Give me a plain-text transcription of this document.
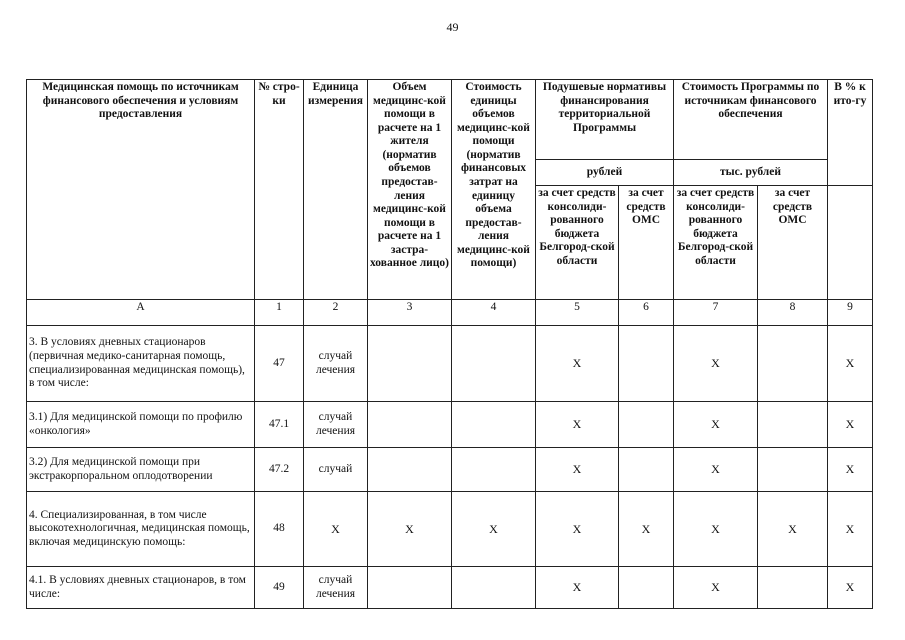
49
Медицинская помощь по источникам финансового обеспечения и условиям предоставления	№ стро-ки	Единица измерения	Объем медицинс-кой помощи в расчете на 1 жителя (норматив объемов предостав-ления медицинс-кой помощи в расчете на 1 застра-хованное лицо)	Стоимость единицы объемов медицинс-кой помощи (норматив финансовых затрат на единицу объема предостав-ления медицинс-кой помощи)	Подушевые нормативы финансирования территориальной Программы		Стоимость Программы по источникам финансового обеспечения		В % к ито-гу
					рублей		тыс. рублей		
					за счет средств консолиди-рованного бюджета Белгород-ской области	за счет средств ОМС	за счет средств консолиди-рованного бюджета Белгород-ской области	за счет средств ОМС	
А	1	2	3	4	5	6	7	8	9
3. В условиях дневных стационаров (первичная медико-санитарная помощь, специализированная медицинская помощь), в том числе:	47	случай лечения			X		X		X
3.1) Для медицинской помощи по профилю «онкология»	47.1	случай лечения			X		X		X
3.2) Для медицинской помощи при экстракорпоральном оплодотворении	47.2	случай			X		X		X
4. Специализированная, в том числе высокотехнологичная, медицинская помощь, включая медицинскую помощь:	48	X	X	X	X	X	X	X	X
4.1. В условиях дневных стационаров, в том числе:	49	случай лечения			X		X		X
